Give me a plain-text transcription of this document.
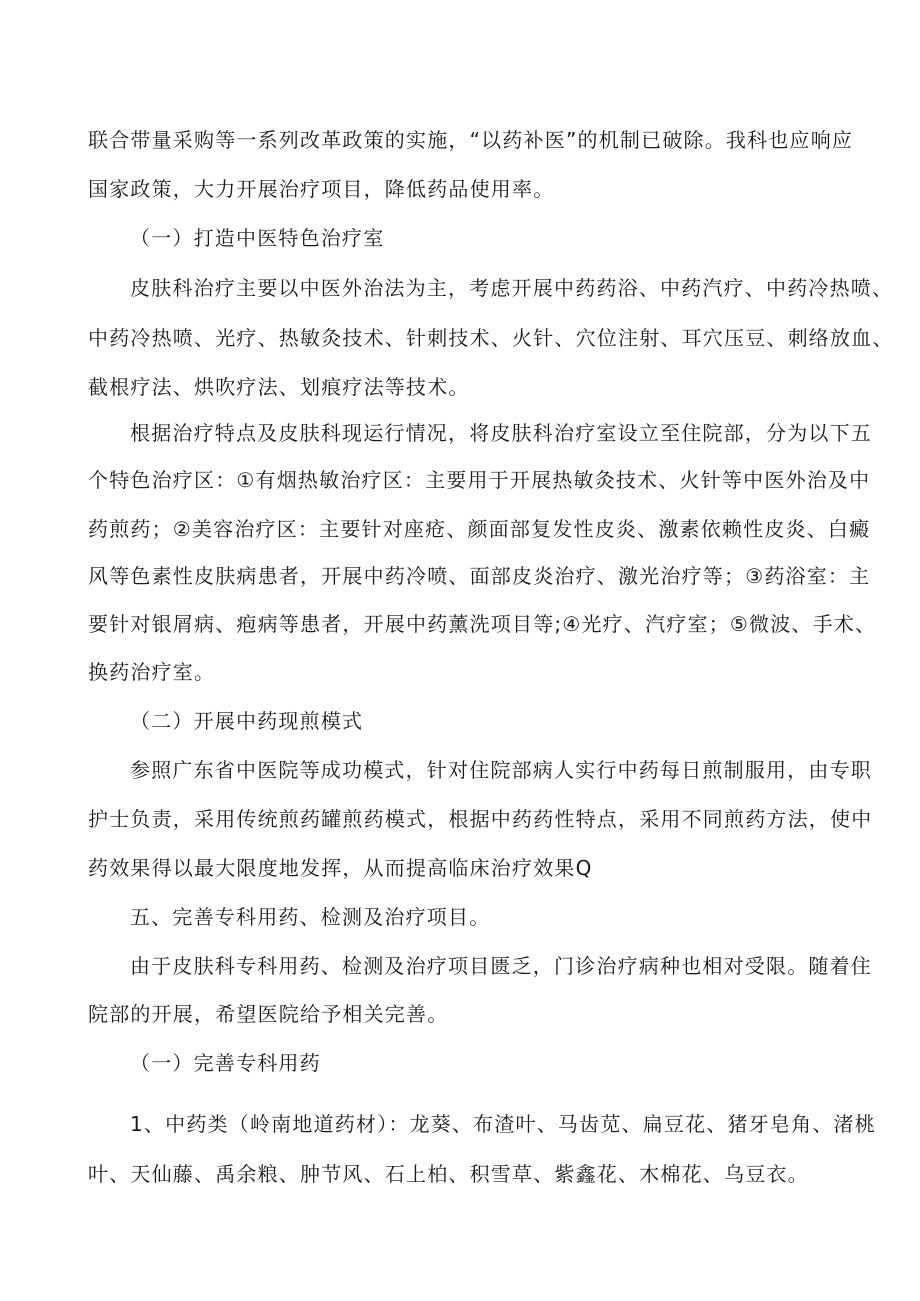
联合带量采购等一系列改革政策的实施，“以药补医”的机制已破除。我科也应响应
国家政策，大力开展治疗项目，降低药品使用率。
（一）打造中医特色治疗室
皮肤科治疗主要以中医外治法为主，考虑开展中药药浴、中药汽疗、中药冷热喷、
中药冷热喷、光疗、热敏灸技术、针刺技术、火针、穴位注射、耳穴压豆、刺络放血、
截根疗法、烘吹疗法、划痕疗法等技术。
根据治疗特点及皮肤科现运行情况，将皮肤科治疗室设立至住院部，分为以下五
个特色治疗区：①有烟热敏治疗区：主要用于开展热敏灸技术、火针等中医外治及中
药煎药；②美容治疗区：主要针对座疮、颜面部复发性皮炎、激素依赖性皮炎、白癜
风等色素性皮肤病患者，开展中药冷喷、面部皮炎治疗、激光治疗等；③药浴室：主
要针对银屑病、疱病等患者，开展中药薰洗项目等;④光疗、汽疗室；⑤微波、手术、
换药治疗室。
（二）开展中药现煎模式
参照广东省中医院等成功模式，针对住院部病人实行中药每日煎制服用，由专职
护士负责，采用传统煎药罐煎药模式，根据中药药性特点，采用不同煎药方法，使中
药效果得以最大限度地发挥，从而提高临床治疗效果Q
五、完善专科用药、检测及治疗项目。
由于皮肤科专科用药、检测及治疗项目匮乏，门诊治疗病种也相对受限。随着住
院部的开展，希望医院给予相关完善。
（一）完善专科用药
1、中药类（岭南地道药材）：龙葵、布渣叶、马齿苋、扁豆花、猪牙皂角、渚桃
叶、天仙藤、禹余粮、肿节风、石上柏、积雪草、紫鑫花、木棉花、乌豆衣。
